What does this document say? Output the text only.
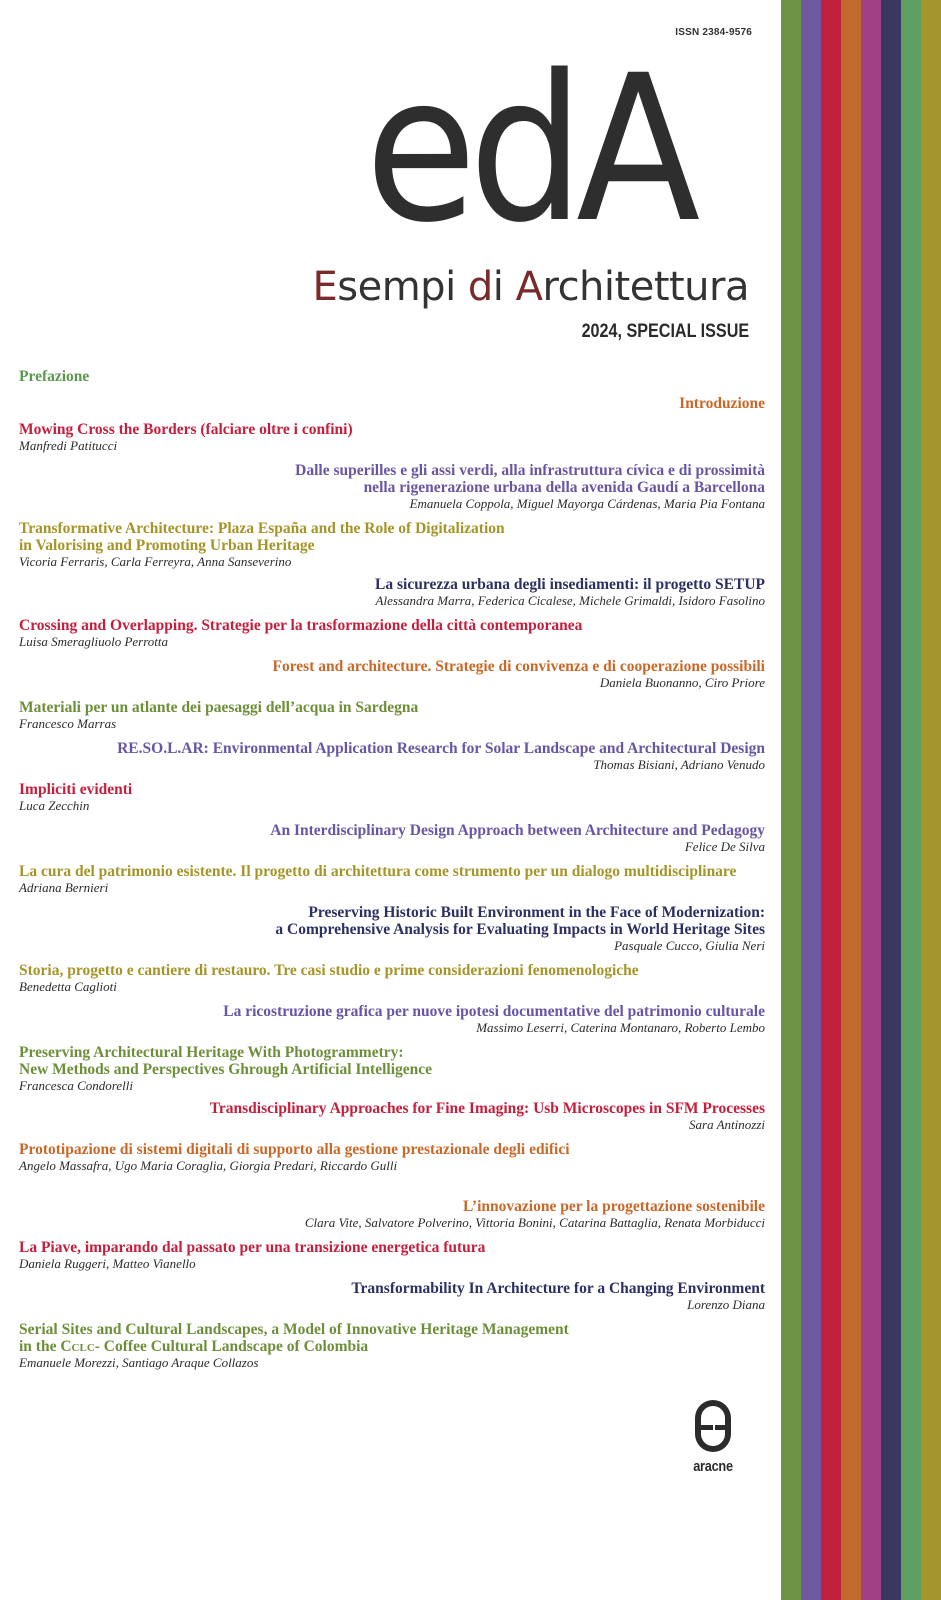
ISSN 2384-9576
edA
Esempi di Architettura
2024, SPECIAL ISSUE
Prefazione
Introduzione
Mowing Cross the Borders (falciare oltre i confini)
Manfredi Patitucci
Dalle superilles e gli assi verdi, alla infrastruttura cívica e di prossimità
nella rigenerazione urbana della avenida Gaudí a Barcellona
Emanuela Coppola, Miguel Mayorga Cárdenas, Maria Pia Fontana
Transformative Architecture: Plaza España and the Role of Digitalization
in Valorising and Promoting Urban Heritage
Vicoria Ferraris, Carla Ferreyra, Anna Sanseverino
La sicurezza urbana degli insediamenti: il progetto SETUP
Alessandra Marra, Federica Cicalese, Michele Grimaldi, Isidoro Fasolino
Crossing and Overlapping. Strategie per la trasformazione della città contemporanea
Luisa Smeragliuolo Perrotta
Forest and architecture. Strategie di convivenza e di cooperazione possibili
Daniela Buonanno, Ciro Priore
Materiali per un atlante dei paesaggi dell’acqua in Sardegna
Francesco Marras
RE.SO.L.AR: Environmental Application Research for Solar Landscape and Architectural Design
Thomas Bisiani, Adriano Venudo
Impliciti evidenti
Luca Zecchin
An Interdisciplinary Design Approach between Architecture and Pedagogy
Felice De Silva
La cura del patrimonio esistente. Il progetto di architettura come strumento per un dialogo multidisciplinare
Adriana Bernieri
Preserving Historic Built Environment in the Face of Modernization:
a Comprehensive Analysis for Evaluating Impacts in World Heritage Sites
Pasquale Cucco, Giulia Neri
Storia, progetto e cantiere di restauro. Tre casi studio e prime considerazioni fenomenologiche
Benedetta Caglioti
La ricostruzione grafica per nuove ipotesi documentative del patrimonio culturale
Massimo Leserri, Caterina Montanaro, Roberto Lembo
Preserving Architectural Heritage With Photogrammetry:
New Methods and Perspectives Ghrough Artificial Intelligence
Francesca Condorelli
Transdisciplinary Approaches for Fine Imaging: Usb Microscopes in SFM Processes
Sara Antinozzi
Prototipazione di sistemi digitali di supporto alla gestione prestazionale degli edifici
Angelo Massafra, Ugo Maria Coraglia, Giorgia Predari, Riccardo Gulli
L’innovazione per la progettazione sostenibile
Clara Vite, Salvatore Polverino, Vittoria Bonini, Catarina Battaglia, Renata Morbiducci
La Piave, imparando dal passato per una transizione energetica futura
Daniela Ruggeri, Matteo Vianello
Transformability In Architecture for a Changing Environment
Lorenzo Diana
Serial Sites and Cultural Landscapes, a Model of Innovative Heritage Management
in the Cclc- Coffee Cultural Landscape of Colombia
Emanuele Morezzi, Santiago Araque Collazos
aracne
